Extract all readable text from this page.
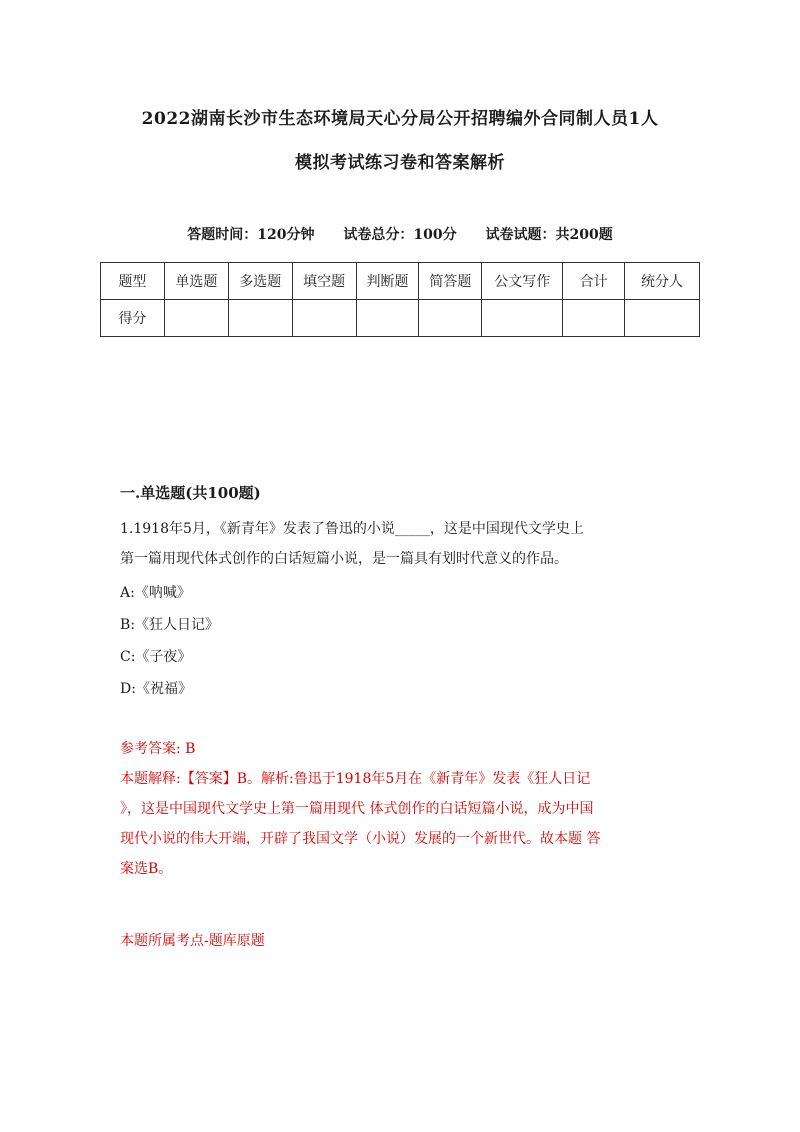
2022湖南长沙市生态环境局天心分局公开招聘编外合同制人员1人
模拟考试练习卷和答案解析
答题时间：120分钟 试卷总分：100分 试卷试题：共200题
题型	单选题	多选题	填空题	判断题	简答题	公文写作	合计	统分人
得分								
一.单选题(共100题)
1.1918年5月，《新青年》发表了鲁迅的小说_____，这是中国现代文学史上
第一篇用现代体式创作的白话短篇小说，是一篇具有划时代意义的作品。
A:《呐喊》
B:《狂人日记》
C:《子夜》
D:《祝福》
参考答案: B
本题解释:【答案】B。解析:鲁迅于1918年5月在《新青年》发表《狂人日记
》，这是中国现代文学史上第一篇用现代 体式创作的白话短篇小说，成为中国
现代小说的伟大开端，开辟了我国文学（小说）发展的一个新世代。故本题 答
案选B。
本题所属考点-题库原题
